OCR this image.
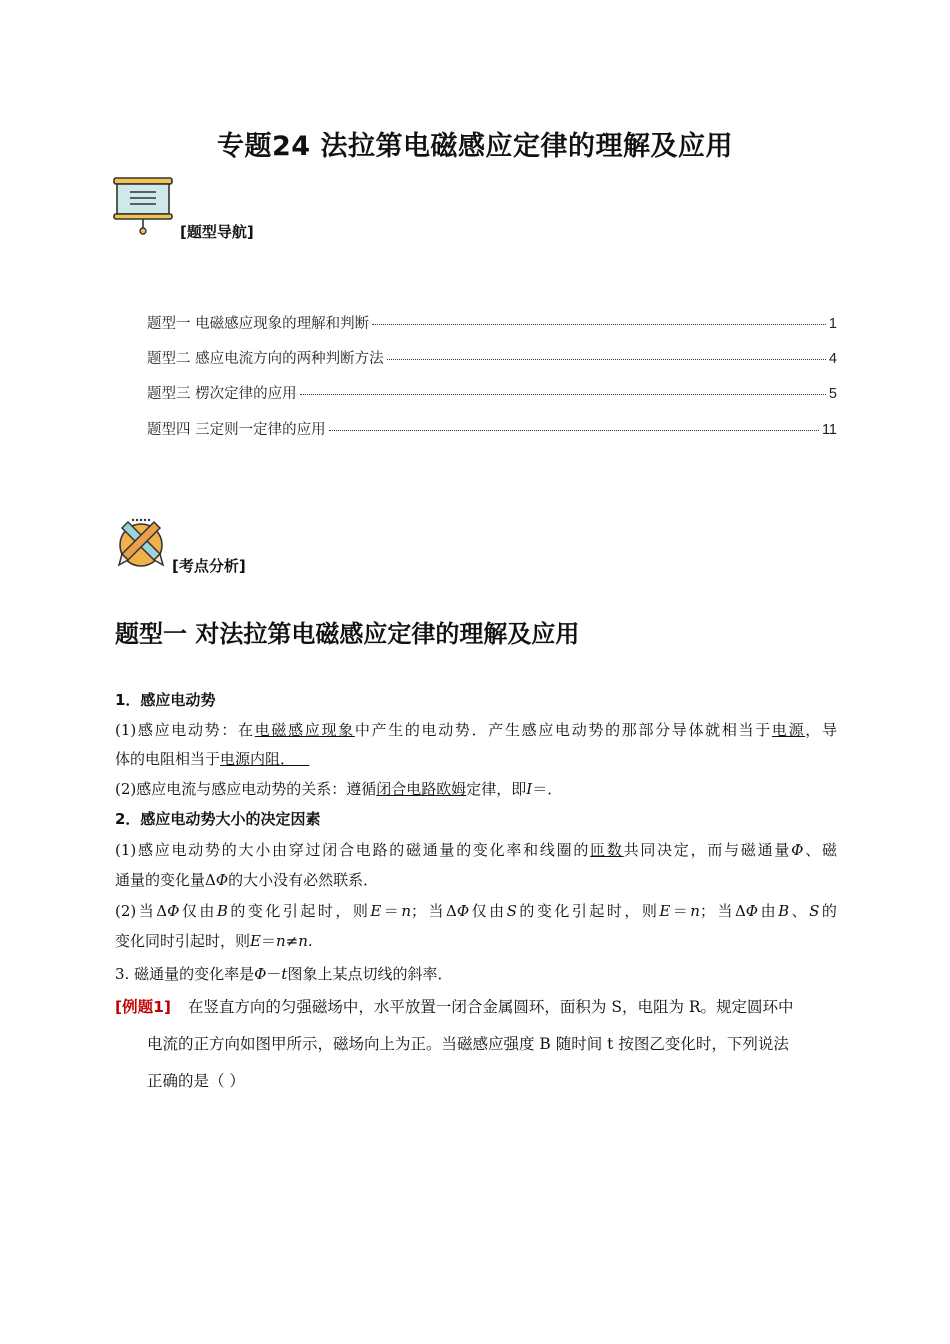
专题24 法拉第电磁感应定律的理解及应用
[题型导航]
题型一 电磁感应现象的理解和判断	1
题型二 感应电流方向的两种判断方法	4
题型三 楞次定律的应用	5
题型四 三定则一定律的应用	11
[考点分析]
题型一 对法拉第电磁感应定律的理解及应用
1．感应电动势
(1)感应电动势：在电磁感应现象中产生的电动势．产生感应电动势的那部分导体就相当于电源，导
体的电阻相当于电源内阻．
(2)感应电流与感应电动势的关系：遵循闭合电路欧姆定律，即I＝．
2．感应电动势大小的决定因素
(1)感应电动势的大小由穿过闭合电路的磁通量的变化率和线圈的匝数共同决定，而与磁通量Φ、磁
通量的变化量ΔΦ的大小没有必然联系．
(2)当ΔΦ仅由B的变化引起时，则E＝n；当ΔΦ仅由S的变化引起时，则E＝n；当ΔΦ由B、S的
变化同时引起时，则E＝n≠n.
3. 磁通量的变化率是Φ－t图象上某点切线的斜率．
[例题1] 在竖直方向的匀强磁场中，水平放置一闭合金属圆环，面积为 S，电阻为 R。规定圆环中
电流的正方向如图甲所示，磁场向上为正。当磁感应强度 B 随时间 t 按图乙变化时，下列说法
正确的是（ ）
